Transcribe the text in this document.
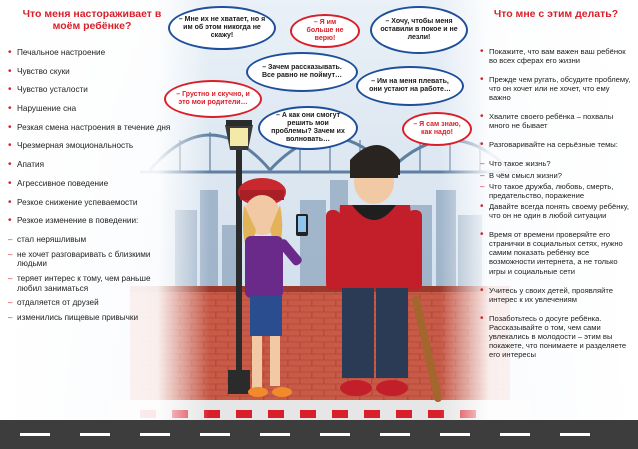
Что меня настораживает в моём ребёнке?
• Печальное настроение
• Чувство скуки
• Чувство усталости
• Нарушение сна
• Резкая смена настроения в течение дня
• Чрезмерная эмоциональность
• Апатия
• Агрессивное поведение
• Резкое снижение успеваемости
• Резкое изменение в поведении:
– стал неряшливым
– не хочет разговаривать с близкими людьми
– теряет интерес к тому, чем раньше любил заниматься
– отдаляется от друзей
– изменились пищевые привычки
Что мне с этим делать?
• Покажите, что вам важен ваш ребёнок во всех сферах его жизни
• Прежде чем ругать, обсудите проблему, что он хочет или не хочет, что ему важно
• Хвалите своего ребёнка – похвалы много не бывает
• Разговаривайте на серьёзные темы:
– Что такое жизнь?
– В чём смысл жизни?
– Что такое дружба, любовь, смерть, предательство, поражение
• Давайте всегда понять своему ребёнку, что он не один в любой ситуации
• Время от времени проверяйте его странички в социальных сетях, нужно самим показать ребёнку все возможности интернета, а не только игры и социальные сети
• Учитесь у своих детей, проявляйте интерес к их увлечениям
• Позаботьтесь о досуге ребёнка. Рассказывайте о том, чем сами увлекались в молодости – этим вы покажете, что понимаете и разделяете его интересы
– Мне их не хватает, но я им об этом никогда не скажу!
– Я им больше не верю!
– Хочу, чтобы меня оставили в покое и не лезли!
– Зачем рассказывать. Все равно не поймут…
– Грустно и скучно, и это мои родители…
– Им на меня плевать, они устают на работе…
– А как они смогут решить мои проблемы? Зачем их волновать…
– Я сам знаю, как надо!
